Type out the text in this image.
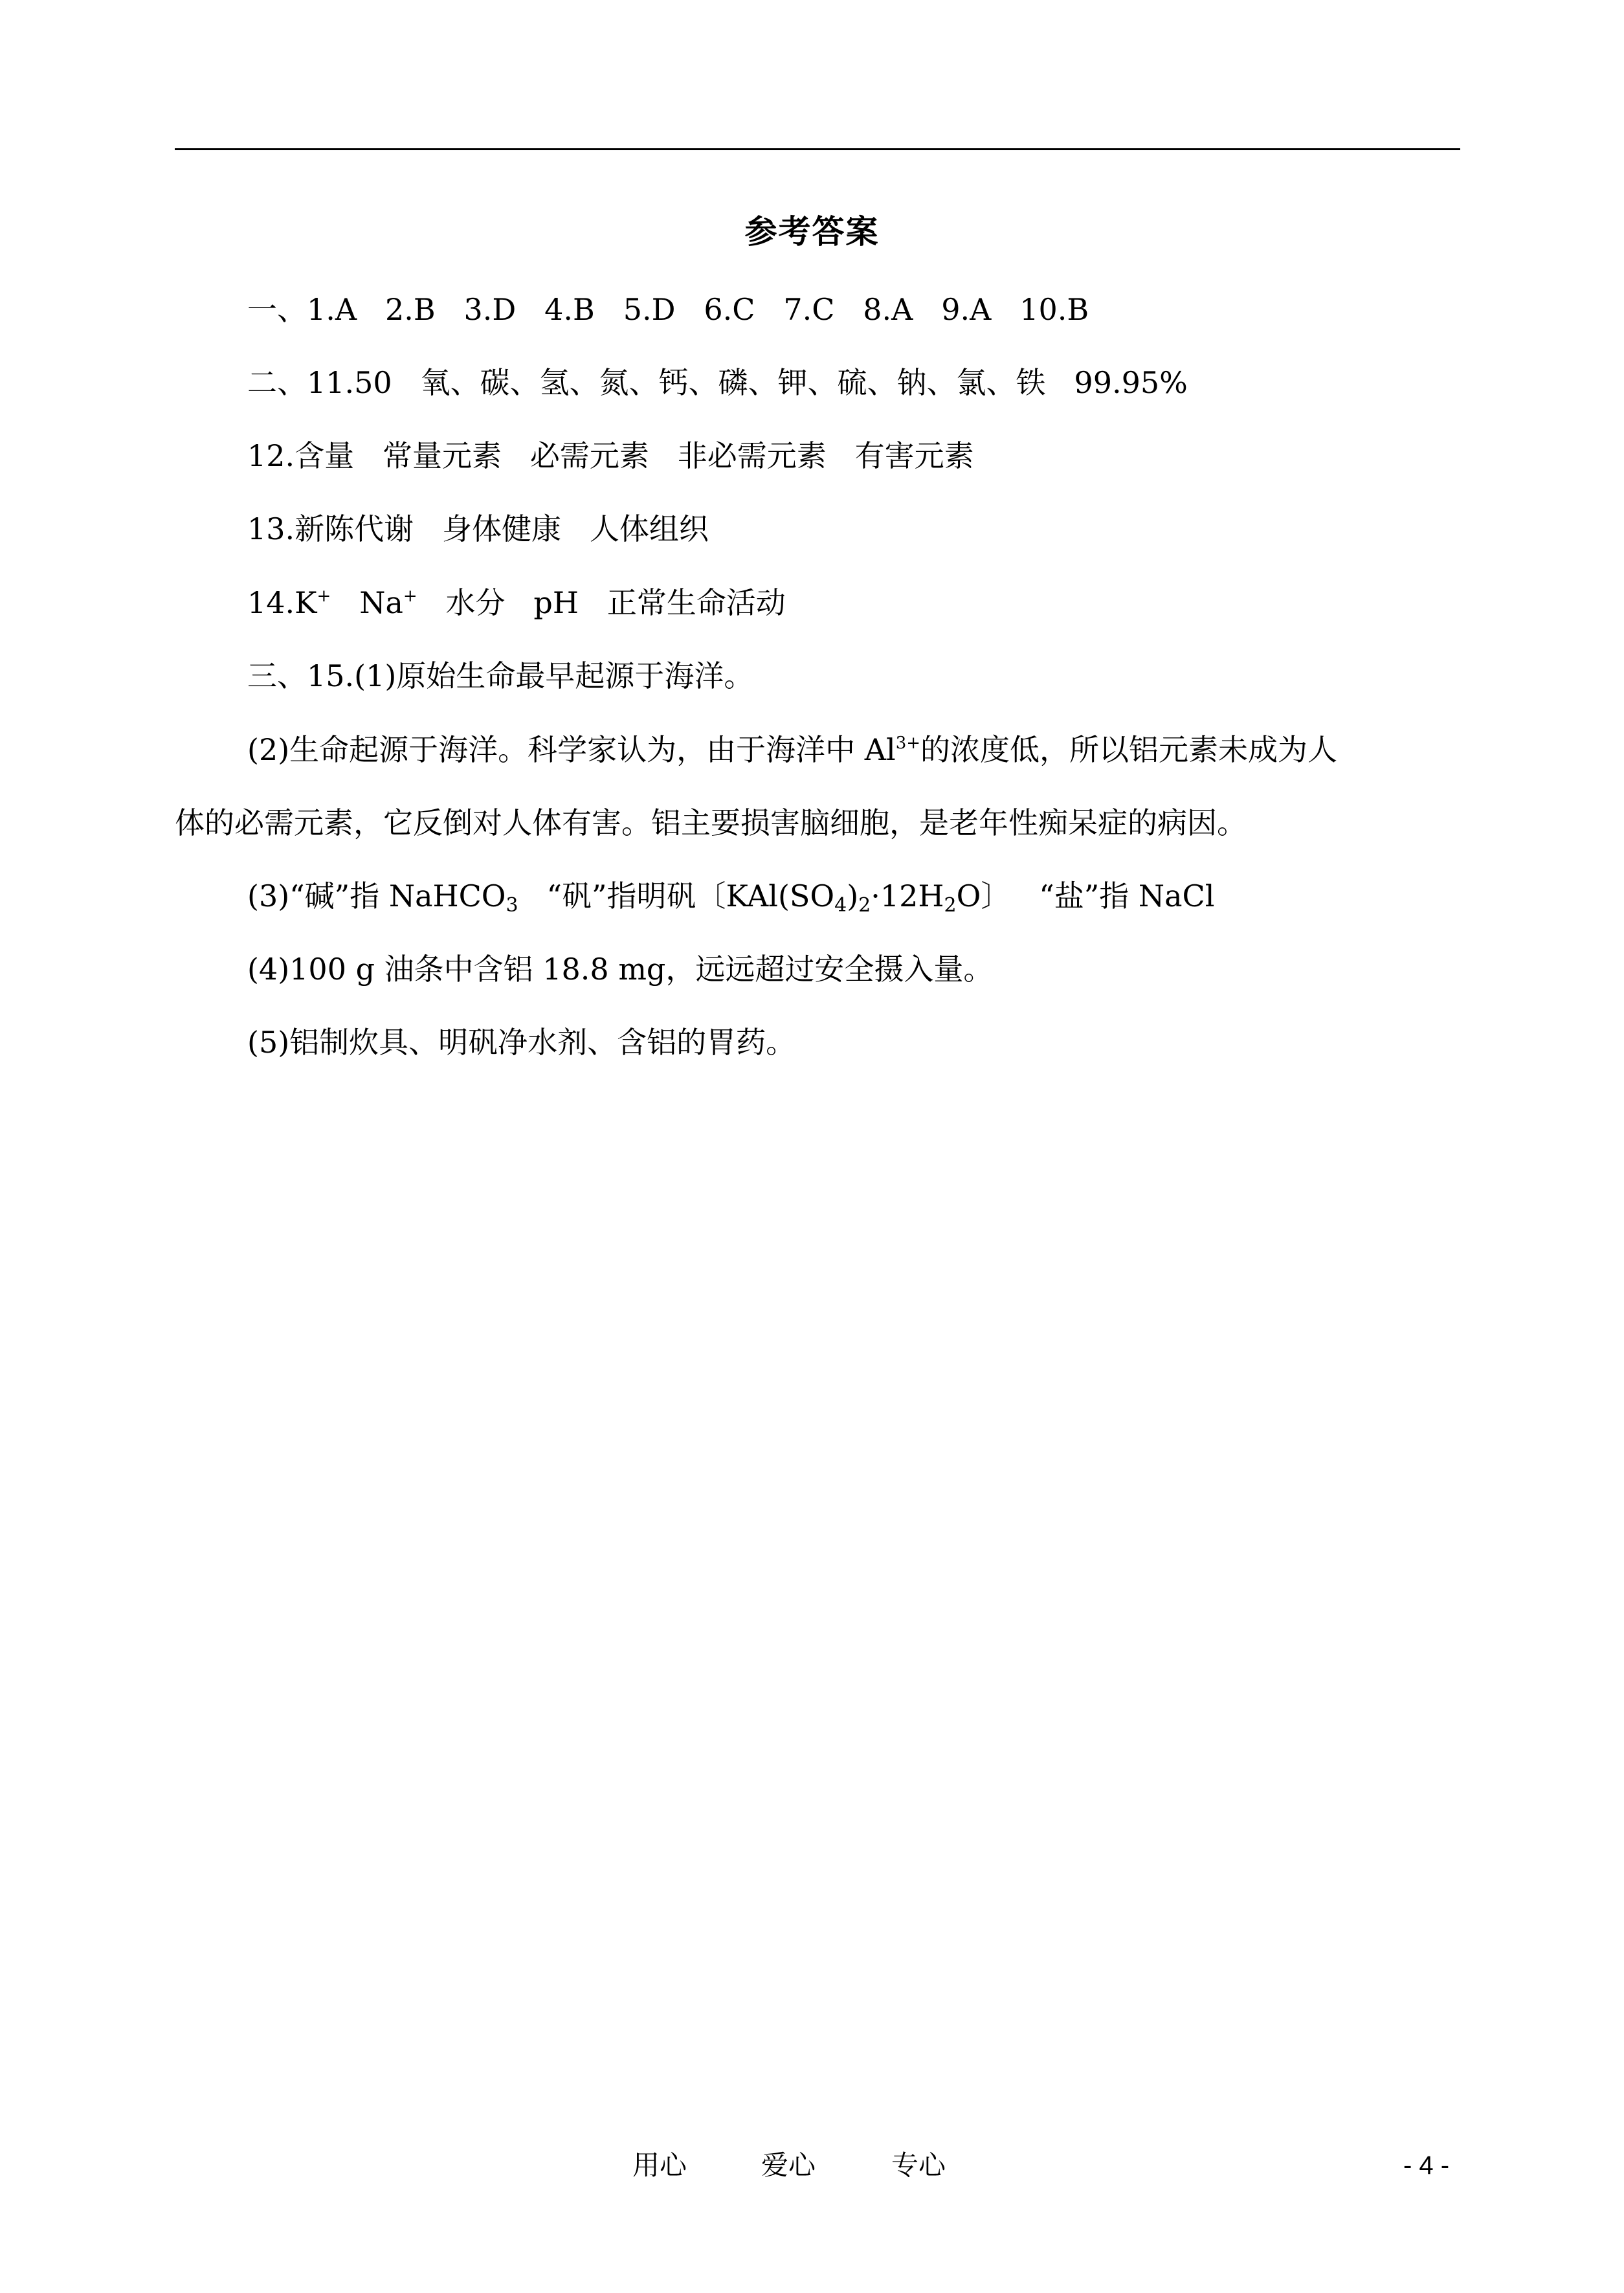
参考答案
一、1.A   2.B   3.D   4.B   5.D   6.C   7.C   8.A   9.A   10.B
二、11.50   氧、碳、氢、氮、钙、磷、钾、硫、钠、氯、铁   99.95%
12.含量   常量元素   必需元素   非必需元素   有害元素
13.新陈代谢   身体健康   人体组织
14.K+   Na+   水分   pH   正常生命活动
三、15.(1)原始生命最早起源于海洋。
(2)生命起源于海洋。科学家认为，由于海洋中 $Al^{3+}$的浓度低，所以铝元素未成为人
体的必需元素，它反倒对人体有害。铝主要损害脑细胞，是老年性痴呆症的病因。
(3)“碱”指 NaHCO$_3$   “矾”指明矾〔$KAl(SO_4)_2\cdot 12H_2O$〕   “盐”指 NaCl
(4)100 g 油条中含铝 18.8 mg，远远超过安全摄入量。
(5)铝制炊具、明矾净水剂、含铝的胃药。
用心	爱心	专心	- 4 -
